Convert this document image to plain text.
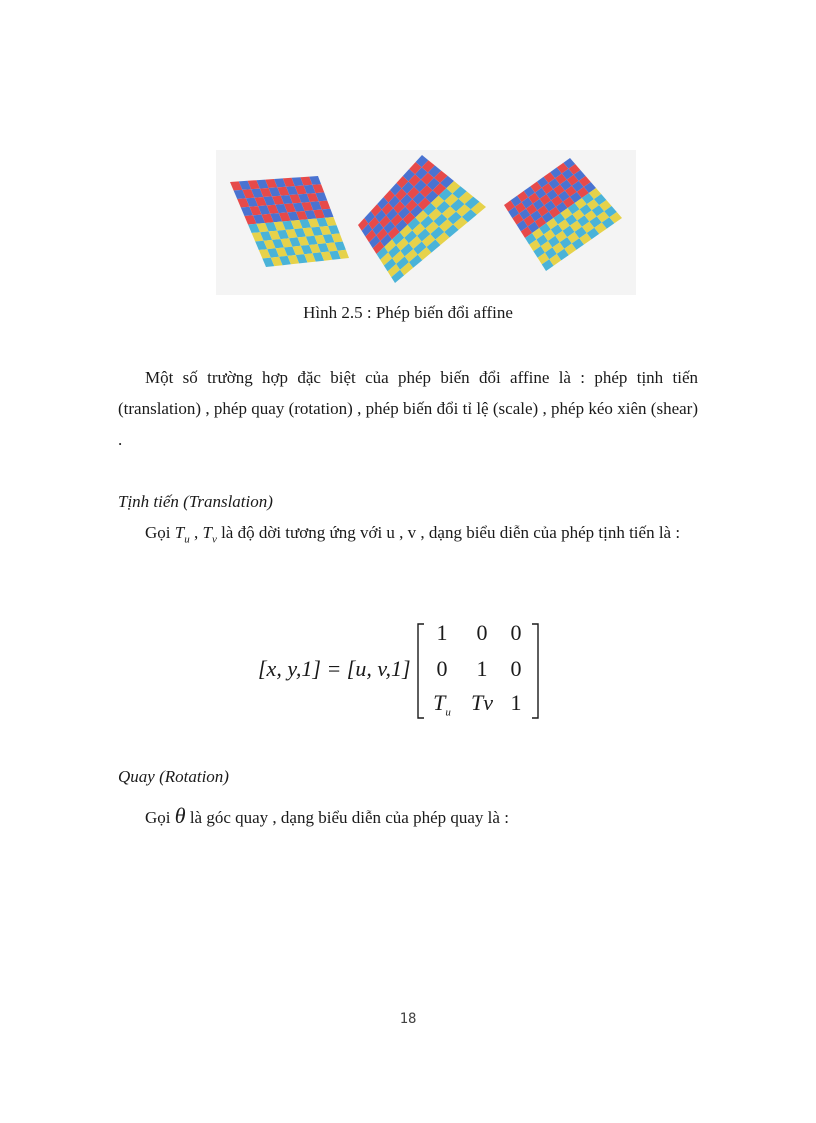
Hình 2.5 : Phép biến đổi affine
Một số trường hợp đặc biệt của phép biến đổi affine là : phép tịnh tiến (translation) , phép quay (rotation) , phép biến đổi tỉ lệ (scale) , phép kéo xiên (shear) .
Tịnh tiến (Translation)
Gọi $T_u$ , $T_v$ là độ dời tương ứng với u , v , dạng biểu diễn của phép tịnh tiến là :
[x, y,1] = [u, v,1]
1	0	0
0	1	0
$T_u$ Tv 1
Quay (Rotation)
Gọi θ là góc quay , dạng biểu diễn của phép quay là :
18
